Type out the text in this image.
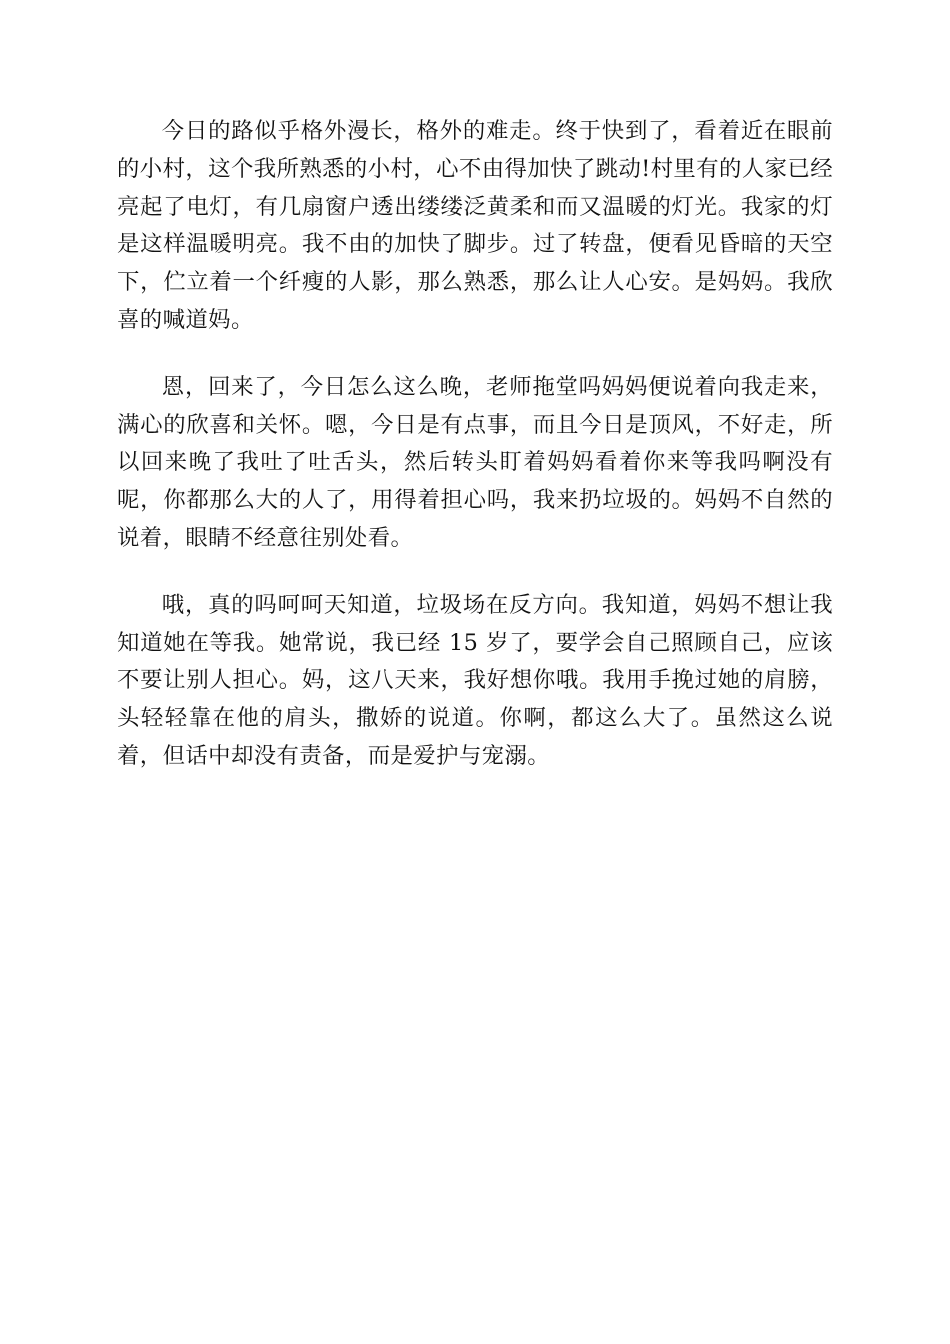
今日的路似乎格外漫长，格外的难走。终于快到了，看着近在眼前的小村，这个我所熟悉的小村，心不由得加快了跳动!村里有的人家已经亮起了电灯，有几扇窗户透出缕缕泛黄柔和而又温暖的灯光。我家的灯是这样温暖明亮。我不由的加快了脚步。过了转盘，便看见昏暗的天空下，伫立着一个纤瘦的人影，那么熟悉，那么让人心安。是妈妈。我欣喜的喊道妈。

恩，回来了，今日怎么这么晚，老师拖堂吗妈妈便说着向我走来，满心的欣喜和关怀。嗯，今日是有点事，而且今日是顶风，不好走，所以回来晚了我吐了吐舌头，然后转头盯着妈妈看着你来等我吗啊没有呢，你都那么大的人了，用得着担心吗，我来扔垃圾的。妈妈不自然的说着，眼睛不经意往别处看。

哦，真的吗呵呵天知道，垃圾场在反方向。我知道，妈妈不想让我知道她在等我。她常说，我已经 15 岁了，要学会自己照顾自己，应该不要让别人担心。妈，这八天来，我好想你哦。我用手挽过她的肩膀，头轻轻靠在他的肩头，撒娇的说道。你啊，都这么大了。虽然这么说着，但话中却没有责备，而是爱护与宠溺。
